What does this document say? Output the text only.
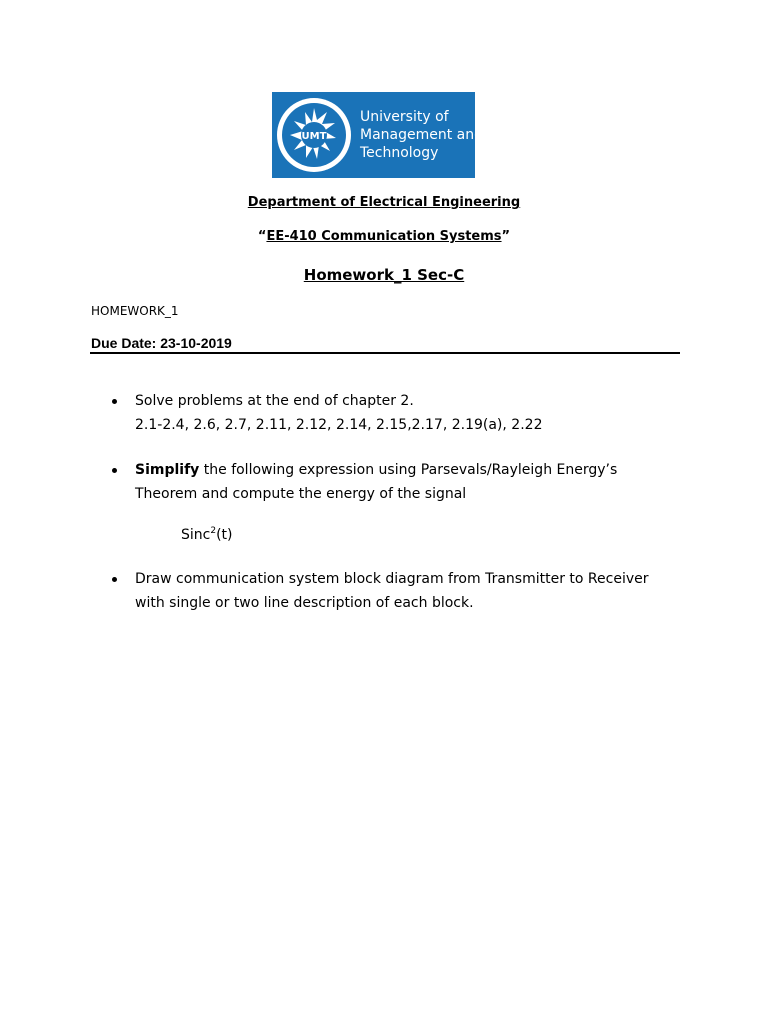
UMT
University of
Management and
Technology
Department of Electrical Engineering
“EE-410 Communication Systems”
Homework_1 Sec-C
HOMEWORK_1
Due Date: 23-10-2019
Solve problems at the end of chapter 2.
2.1-2.4, 2.6, 2.7, 2.11, 2.12, 2.14, 2.15,2.17, 2.19(a), 2.22
Simplify the following expression using Parsevals/Rayleigh Energy’s
Theorem and compute the energy of the signal
Sinc$^2$(t)
Draw communication system block diagram from Transmitter to Receiver
with single or two line description of each block.
